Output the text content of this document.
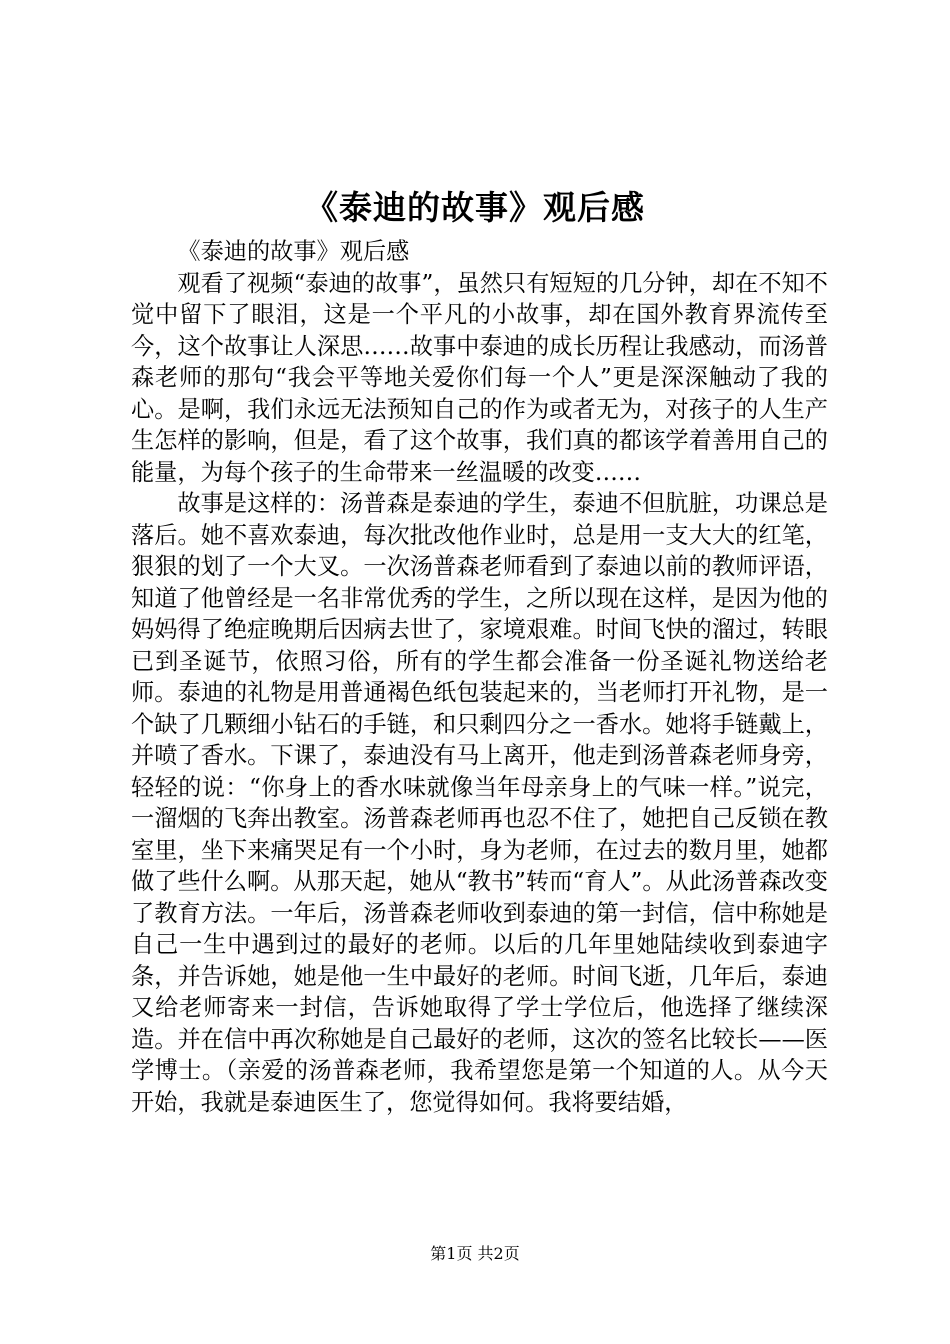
《泰迪的故事》观后感

《泰迪的故事》观后感

观看了视频“泰迪的故事”，虽然只有短短的几分钟，却在不知不觉中留下了眼泪，这是一个平凡的小故事，却在国外教育界流传至今，这个故事让人深思……故事中泰迪的成长历程让我感动，而汤普森老师的那句“我会平等地关爱你们每一个人”更是深深触动了我的心。是啊，我们永远无法预知自己的作为或者无为，对孩子的人生产生怎样的影响，但是，看了这个故事，我们真的都该学着善用自己的能量，为每个孩子的生命带来一丝温暖的改变……

故事是这样的：汤普森是泰迪的学生，泰迪不但肮脏，功课总是落后。她不喜欢泰迪，每次批改他作业时，总是用一支大大的红笔，狠狠的划了一个大叉。一次汤普森老师看到了泰迪以前的教师评语，知道了他曾经是一名非常优秀的学生，之所以现在这样，是因为他的妈妈得了绝症晚期后因病去世了，家境艰难。时间飞快的溜过，转眼已到圣诞节，依照习俗，所有的学生都会准备一份圣诞礼物送给老师。泰迪的礼物是用普通褐色纸包装起来的，当老师打开礼物，是一个缺了几颗细小钻石的手链，和只剩四分之一香水。她将手链戴上，并喷了香水。下课了，泰迪没有马上离开，他走到汤普森老师身旁，轻轻的说：“你身上的香水味就像当年母亲身上的气味一样。”说完，一溜烟的飞奔出教室。汤普森老师再也忍不住了，她把自己反锁在教室里，坐下来痛哭足有一个小时，身为老师，在过去的数月里，她都做了些什么啊。从那天起，她从“教书”转而“育人”。从此汤普森改变了教育方法。一年后，汤普森老师收到泰迪的第一封信，信中称她是自己一生中遇到过的最好的老师。以后的几年里她陆续收到泰迪字条，并告诉她，她是他一生中最好的老师。时间飞逝，几年后，泰迪又给老师寄来一封信，告诉她取得了学士学位后，他选择了继续深造。并在信中再次称她是自己最好的老师，这次的签名比较长——医学博士。（亲爱的汤普森老师，我希望您是第一个知道的人。从今天开始，我就是泰迪医生了，您觉得如何。我将要结婚，

第1页 共2页
